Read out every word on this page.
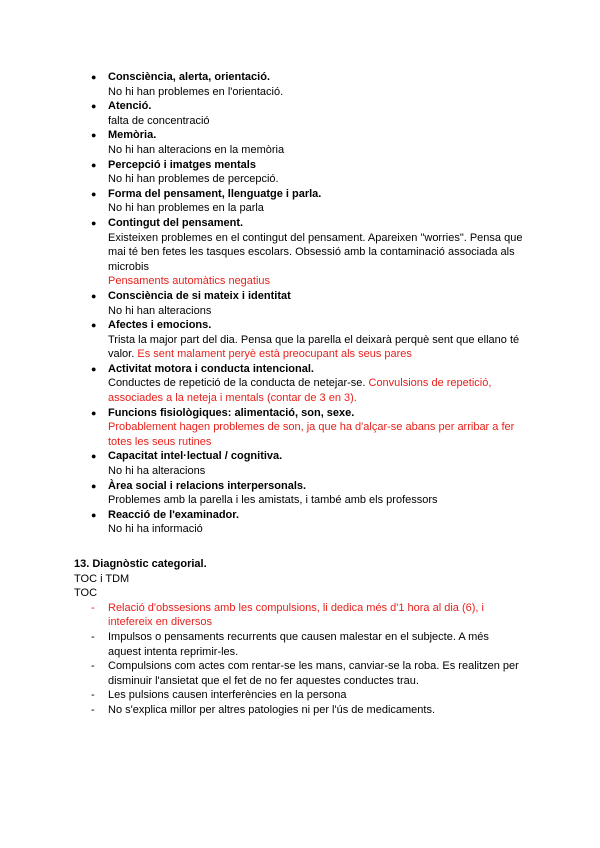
● Consciència, alerta, orientació.
No hi han problemes en l'orientació.
● Atenció.
falta de concentració
● Memòria.
No hi han alteracions en la memòria
● Percepció i imatges mentals
No hi han problemes de percepció.
● Forma del pensament, llenguatge i parla.
No hi han problemes en la parla
● Contingut del pensament.
Existeixen problemes en el contingut del pensament. Apareixen "worries". Pensa que
mai té ben fetes les tasques escolars. Obsessió amb la contaminació associada als
microbis
Pensaments automàtics negatius
● Consciència de si mateix i identitat
No hi han alteracions
● Afectes i emocions.
Trista la major part del dia. Pensa que la parella el deixarà perquè sent que ellano té
valor. Es sent malament perуè està preocupant als seus pares
● Activitat motora i conducta intencional.
Conductes de repetició de la conducta de netejar-se. Convulsions de repetició,
associades a la neteja i mentals (contar de 3 en 3).
● Funcions fisiològiques: alimentació, son, sexe.
Probablement hagen problemes de son, ja que ha d'alçar-se abans per arribar a fer
totes les seus rutines
● Capacitat intel·lectual / cognitiva.
No hi ha alteracions
● Àrea social i relacions interpersonals.
Problemes amb la parella i les amistats, i també amb els professors
● Reacció de l'examinador.
No hi ha informació
13. Diagnòstic categorial.
TOC i TDM
TOC
- Relació d'obssesions amb les compulsions, li dedica més d'1 hora al dia (6), i
intefereix en diversos
- Impulsos o pensaments recurrents que causen malestar en el subjecte. A més
aquest intenta reprimir-les.
- Compulsions com actes com rentar-se les mans, canviar-se la roba. Es realitzen per
disminuir l'ansietat que el fet de no fer aquestes conductes trau.
- Les pulsions causen interferències en la persona
- No s'explica millor per altres patologies ni per l'ús de medicaments.
